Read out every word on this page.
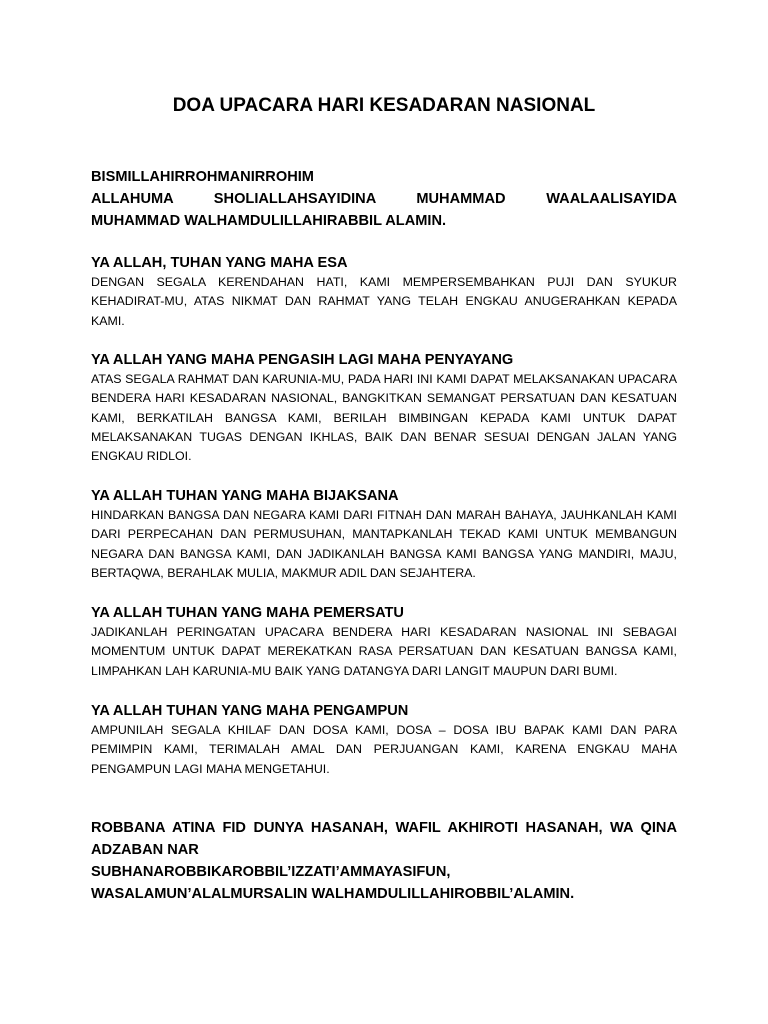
DOA UPACARA HARI KESADARAN NASIONAL
BISMILLAHIRROHMANIRROHIM
ALLAHUMA SHOLIALLAHSAYIDINA MUHAMMAD WAALAALISAYIDA
MUHAMMAD WALHAMDULILLAHIRABBIL ALAMIN.
YA ALLAH, TUHAN YANG MAHA ESA
DENGAN SEGALA KERENDAHAN HATI, KAMI MEMPERSEMBAHKAN PUJI DAN SYUKUR KEHADIRAT-MU, ATAS NIKMAT DAN RAHMAT YANG TELAH ENGKAU ANUGERAHKAN KEPADA KAMI.
YA ALLAH YANG MAHA PENGASIH LAGI MAHA PENYAYANG
ATAS SEGALA RAHMAT DAN KARUNIA-MU, PADA HARI INI KAMI DAPAT MELAKSANAKAN UPACARA BENDERA HARI KESADARAN NASIONAL, BANGKITKAN SEMANGAT PERSATUAN DAN KESATUAN KAMI, BERKATILAH BANGSA KAMI, BERILAH BIMBINGAN KEPADA KAMI UNTUK DAPAT MELAKSANAKAN TUGAS DENGAN IKHLAS, BAIK DAN BENAR SESUAI DENGAN JALAN YANG ENGKAU RIDLOI.
YA ALLAH TUHAN YANG MAHA BIJAKSANA
HINDARKAN BANGSA DAN NEGARA KAMI DARI FITNAH DAN MARAH BAHAYA, JAUHKANLAH KAMI DARI PERPECAHAN DAN PERMUSUHAN, MANTAPKANLAH TEKAD KAMI UNTUK MEMBANGUN NEGARA DAN BANGSA KAMI, DAN JADIKANLAH BANGSA KAMI BANGSA YANG MANDIRI, MAJU, BERTAQWA, BERAHLAK MULIA, MAKMUR ADIL DAN SEJAHTERA.
YA ALLAH TUHAN YANG MAHA PEMERSATU
JADIKANLAH PERINGATAN UPACARA BENDERA HARI KESADARAN NASIONAL INI SEBAGAI MOMENTUM UNTUK DAPAT MEREKATKAN RASA PERSATUAN DAN KESATUAN BANGSA KAMI, LIMPAHKAN LAH KARUNIA-MU BAIK YANG DATANGYA DARI LANGIT MAUPUN DARI BUMI.
YA ALLAH TUHAN YANG MAHA PENGAMPUN
AMPUNILAH SEGALA KHILAF DAN DOSA KAMI, DOSA – DOSA IBU BAPAK KAMI DAN PARA PEMIMPIN KAMI, TERIMALAH AMAL DAN PERJUANGAN KAMI, KARENA ENGKAU MAHA PENGAMPUN LAGI MAHA MENGETAHUI.
ROBBANA ATINA FID DUNYA HASANAH, WAFIL AKHIROTI HASANAH, WA QINA
ADZABAN NAR
SUBHANAROBBIKAROBBIL’IZZATI’AMMAYASIFUN,
WASALAMUN’ALALMURSALIN WALHAMDULILLAHIROBBIL’ALAMIN.
